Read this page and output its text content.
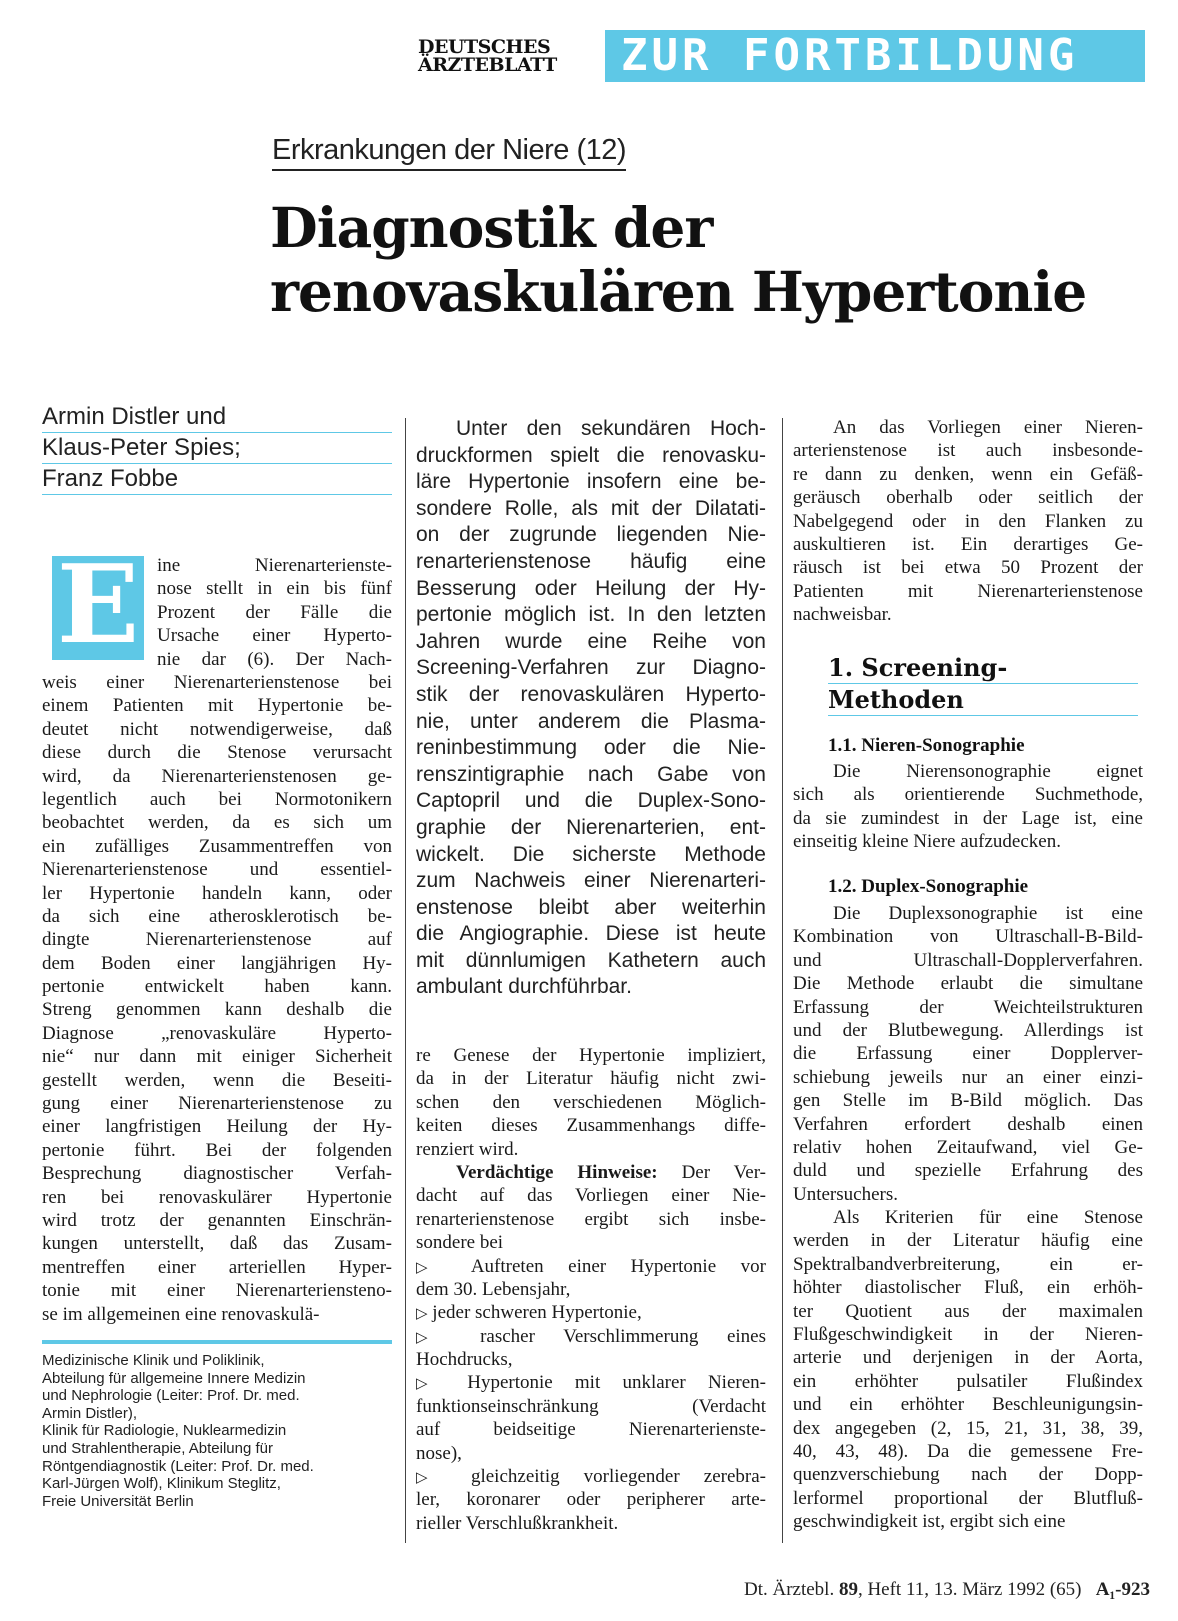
DEUTSCHES
ÄRZTEBLATT	ZUR FORTBILDUNG
Erkrankungen der Niere (12)
Diagnostik der
renovaskulären Hypertonie
Armin Distler und
Klaus-Peter Spies;
Franz Fobbe
E ine Nierenarterienste-
nose stellt in ein bis fünf
Prozent der Fälle die
Ursache einer Hyperto-
nie dar (6). Der Nach-
weis einer Nierenarterienstenose bei
einem Patienten mit Hypertonie be-
deutet nicht notwendigerweise, daß
diese durch die Stenose verursacht
wird, da Nierenarterienstenosen ge-
legentlich auch bei Normotonikern
beobachtet werden, da es sich um
ein zufälliges Zusammentreffen von
Nierenarterienstenose und essentiel-
ler Hypertonie handeln kann, oder
da sich eine atherosklerotisch be-
dingte Nierenarterienstenose auf
dem Boden einer langjährigen Hy-
pertonie entwickelt haben kann.
Streng genommen kann deshalb die
Diagnose „renovaskuläre Hyperto-
nie“ nur dann mit einiger Sicherheit
gestellt werden, wenn die Beseiti-
gung einer Nierenarterienstenose zu
einer langfristigen Heilung der Hy-
pertonie führt. Bei der folgenden
Besprechung diagnostischer Verfah-
ren bei renovaskulärer Hypertonie
wird trotz der genannten Einschrän-
kungen unterstellt, daß das Zusam-
mentreffen einer arteriellen Hyper-
tonie mit einer Nierenarterienstenо-
se im allgemeinen eine renovaskulä-
Medizinische Klinik und Poliklinik,
Abteilung für allgemeine Innere Medizin
und Nephrologie (Leiter: Prof. Dr. med.
Armin Distler),
Klinik für Radiologie, Nuklearmedizin
und Strahlentherapie, Abteilung für
Röntgendiagnostik (Leiter: Prof. Dr. med.
Karl-Jürgen Wolf), Klinikum Steglitz,
Freie Universität Berlin
Unter den sekundären Hoch-
druckformen spielt die renovasku-
läre Hypertonie insofern eine be-
sondere Rolle, als mit der Dilatati-
on der zugrunde liegenden Nie-
renarterienstenose häufig eine
Besserung oder Heilung der Hy-
pertonie möglich ist. In den letzten
Jahren wurde eine Reihe von
Screening-Verfahren zur Diagno-
stik der renovaskulären Hyperto-
nie, unter anderem die Plasma-
reninbestimmung oder die Nie-
renszintigraphie nach Gabe von
Captopril und die Duplex-Sono-
graphie der Nierenarterien, ent-
wickelt. Die sicherste Methode
zum Nachweis einer Nierenarteri-
enstenose bleibt aber weiterhin
die Angiographie. Diese ist heute
mit dünnlumigen Kathetern auch
ambulant durchführbar.
re Genese der Hypertonie impliziert,
da in der Literatur häufig nicht zwi-
schen den verschiedenen Möglich-
keiten dieses Zusammenhangs diffe-
renziert wird.
Verdächtige Hinweise: Der Ver-
dacht auf das Vorliegen einer Nie-
renarterienstenose ergibt sich insbe-
sondere bei
▷ Auftreten einer Hypertonie vor
dem 30. Lebensjahr,
▷ jeder schweren Hypertonie,
▷ rascher Verschlimmerung eines
Hochdrucks,
▷ Hypertonie mit unklarer Nieren-
funktionseinschränkung (Verdacht
auf beidseitige Nierenarterienste-
nose),
▷ gleichzeitig vorliegender zerebra-
ler, koronarer oder peripherer arte-
rieller Verschlußkrankheit.
An das Vorliegen einer Nieren-
arterienstenose ist auch insbesonde-
re dann zu denken, wenn ein Gefäß-
geräusch oberhalb oder seitlich der
Nabelgegend oder in den Flanken zu
auskultieren ist. Ein derartiges Ge-
räusch ist bei etwa 50 Prozent der
Patienten mit Nierenarterienstenose
nachweisbar.
1. Screening-
Methoden
1.1. Nieren-Sonographie
Die Nierensonographie eignet
sich als orientierende Suchmethode,
da sie zumindest in der Lage ist, eine
einseitig kleine Niere aufzudecken.
1.2. Duplex-Sonographie
Die Duplexsonographie ist eine
Kombination von Ultraschall-B-Bild-
und Ultraschall-Dopplerverfahren.
Die Methode erlaubt die simultane
Erfassung der Weichteilstrukturen
und der Blutbewegung. Allerdings ist
die Erfassung einer Dopplerver-
schiebung jeweils nur an einer einzi-
gen Stelle im B-Bild möglich. Das
Verfahren erfordert deshalb einen
relativ hohen Zeitaufwand, viel Ge-
duld und spezielle Erfahrung des
Untersuchers.
Als Kriterien für eine Stenose
werden in der Literatur häufig eine
Spektralbandverbreiterung, ein er-
höhter diastolischer Fluß, ein erhöh-
ter Quotient aus der maximalen
Flußgeschwindigkeit in der Nieren-
arterie und derjenigen in der Aorta,
ein erhöhter pulsatiler Flußindex
und ein erhöhter Beschleunigungsin-
dex angegeben (2, 15, 21, 31, 38, 39,
40, 43, 48). Da die gemessene Fre-
quenzverschiebung nach der Dopp-
lerformel proportional der Blutfluß-
geschwindigkeit ist, ergibt sich eine
Dt. Ärztebl. 89, Heft 11, 13. März 1992 (65) A₁-923
